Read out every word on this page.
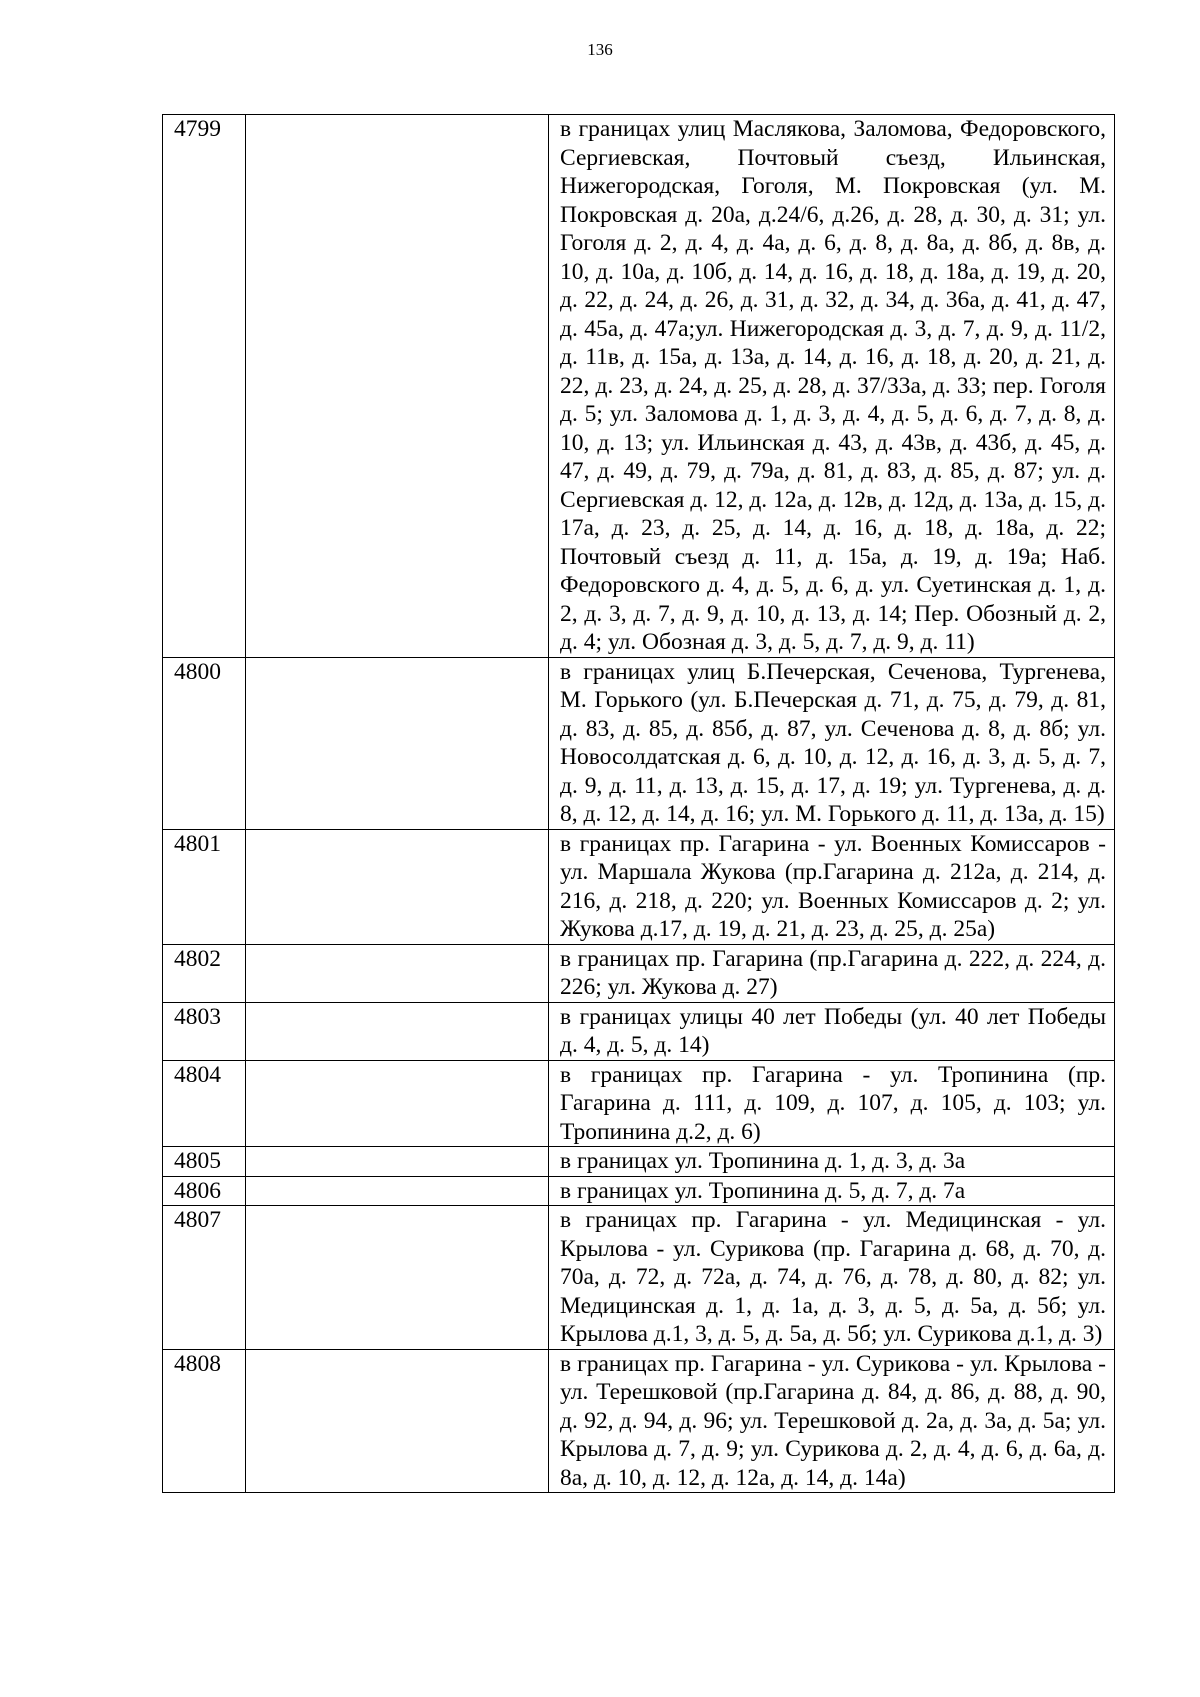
136
4799		в границах улиц Маслякова, Заломова, Федоровского, Сергиевская, Почтовый съезд, Ильинская, Нижегородская, Гоголя, М. Покровская (ул. М. Покровская д. 20а, д.24/6, д.26, д. 28, д. 30, д. 31; ул. Гоголя д. 2, д. 4, д. 4а, д. 6, д. 8, д. 8а, д. 8б, д. 8в, д. 10, д. 10а, д. 10б, д. 14, д. 16, д. 18, д. 18а, д. 19, д. 20, д. 22, д. 24, д. 26, д. 31, д. 32, д. 34, д. 36а, д. 41, д. 47, д. 45а, д. 47а;ул. Нижегородская д. 3, д. 7, д. 9, д. 11/2, д. 11в, д. 15а, д. 13а, д. 14, д. 16, д. 18, д. 20, д. 21, д. 22, д. 23, д. 24, д. 25, д. 28, д. 37/33а, д. 33; пер. Гоголя д. 5; ул. Заломова д. 1, д. 3, д. 4, д. 5, д. 6, д. 7, д. 8, д. 10, д. 13; ул. Ильинская д. 43, д. 43в, д. 43б, д. 45, д. 47, д. 49, д. 79, д. 79а, д. 81, д. 83, д. 85, д. 87; ул. д. Сергиевская д. 12, д. 12а, д. 12в, д. 12д, д. 13а, д. 15, д. 17а, д. 23, д. 25, д. 14, д. 16, д. 18, д. 18а, д. 22; Почтовый съезд д. 11, д. 15а, д. 19, д. 19а; Наб. Федоровского д. 4, д. 5, д. 6, д. ул. Суетинская д. 1, д. 2, д. 3, д. 7, д. 9, д. 10, д. 13, д. 14; Пер. Обозный д. 2, д. 4; ул. Обозная д. 3, д. 5, д. 7, д. 9, д. 11)
4800		в границах улиц Б.Печерская, Сеченова, Тургенева, М. Горького (ул. Б.Печерская д. 71, д. 75, д. 79, д. 81, д. 83, д. 85, д. 85б, д. 87, ул. Сеченова д. 8, д. 8б; ул. Новосолдатская д. 6, д. 10, д. 12, д. 16, д. 3, д. 5, д. 7, д. 9, д. 11, д. 13, д. 15, д. 17, д. 19; ул. Тургенева, д. д. 8, д. 12, д. 14, д. 16; ул. М. Горького д. 11, д. 13а, д. 15)
4801		в границах пр. Гагарина - ул. Военных Комиссаров - ул. Маршала Жукова (пр.Гагарина д. 212а, д. 214, д. 216, д. 218, д. 220; ул. Военных Комиссаров д. 2; ул. Жукова д.17, д. 19, д. 21, д. 23, д. 25, д. 25а)
4802		в границах пр. Гагарина (пр.Гагарина д. 222, д. 224, д. 226; ул. Жукова д. 27)
4803		в границах улицы 40 лет Победы (ул. 40 лет Победы д. 4, д. 5, д. 14)
4804		в границах пр. Гагарина - ул. Тропинина (пр. Гагарина д. 111, д. 109, д. 107, д. 105, д. 103; ул. Тропинина д.2, д. 6)
4805		в границах ул. Тропинина д. 1, д. 3, д. 3а
4806		в границах ул. Тропинина д. 5, д. 7, д. 7а
4807		в границах пр. Гагарина - ул. Медицинская - ул. Крылова - ул. Сурикова (пр. Гагарина д. 68, д. 70, д. 70а, д. 72, д. 72а, д. 74, д. 76, д. 78, д. 80, д. 82; ул. Медицинская д. 1, д. 1а, д. 3, д. 5, д. 5а, д. 5б; ул. Крылова д.1, 3, д. 5, д. 5а, д. 5б; ул. Сурикова д.1, д. 3)
4808		в границах пр. Гагарина - ул. Сурикова - ул. Крылова - ул. Терешковой (пр.Гагарина д. 84, д. 86, д. 88, д. 90, д. 92, д. 94, д. 96; ул. Терешковой д. 2а, д. 3а, д. 5а; ул. Крылова д. 7, д. 9; ул. Сурикова д. 2, д. 4, д. 6, д. 6а, д. 8а, д. 10, д. 12, д. 12а, д. 14, д. 14а)
